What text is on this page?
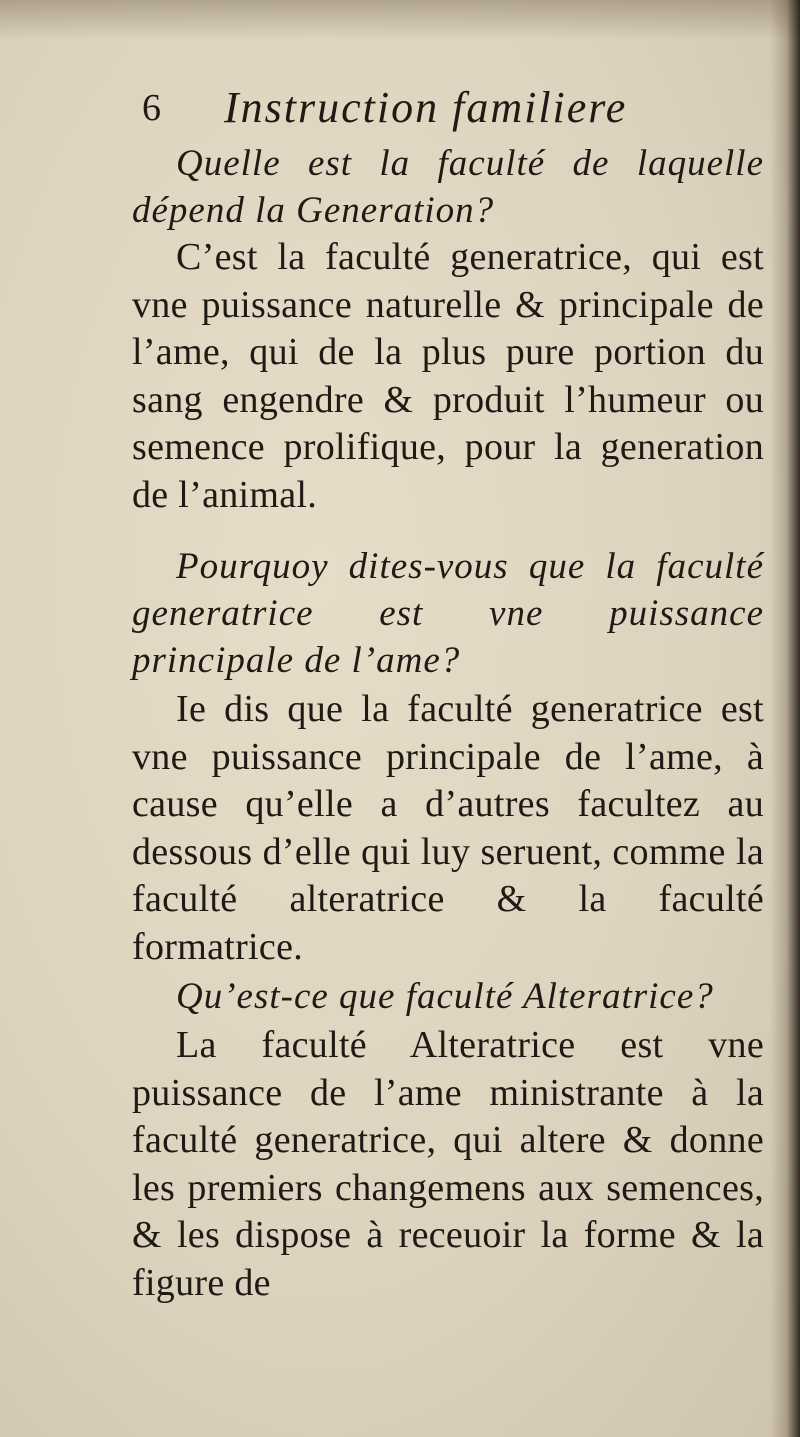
6 Instruction familiere

Quelle est la faculté de laquelle dépend la Generation?

C’est la faculté generatrice, qui est vne puissance naturelle & principale de l’ame, qui de la plus pure portion du sang engendre & produit l’humeur ou semence prolifique, pour la generation de l’animal.

Pourquoy dites-vous que la faculté generatrice est vne puissance principale de l’ame?

Ie dis que la faculté generatrice est vne puissance principale de l’ame, à cause qu’elle a d’autres facultez au dessous d’elle qui luy seruent, comme la faculté alteratrice & la faculté formatrice.

Qu’est-ce que faculté Alteratrice?

La faculté Alteratrice est vne puissance de l’ame ministrante à la faculté generatrice, qui altere & donne les premiers changemens aux semences, & les dispose à receuoir la forme & la figure de
